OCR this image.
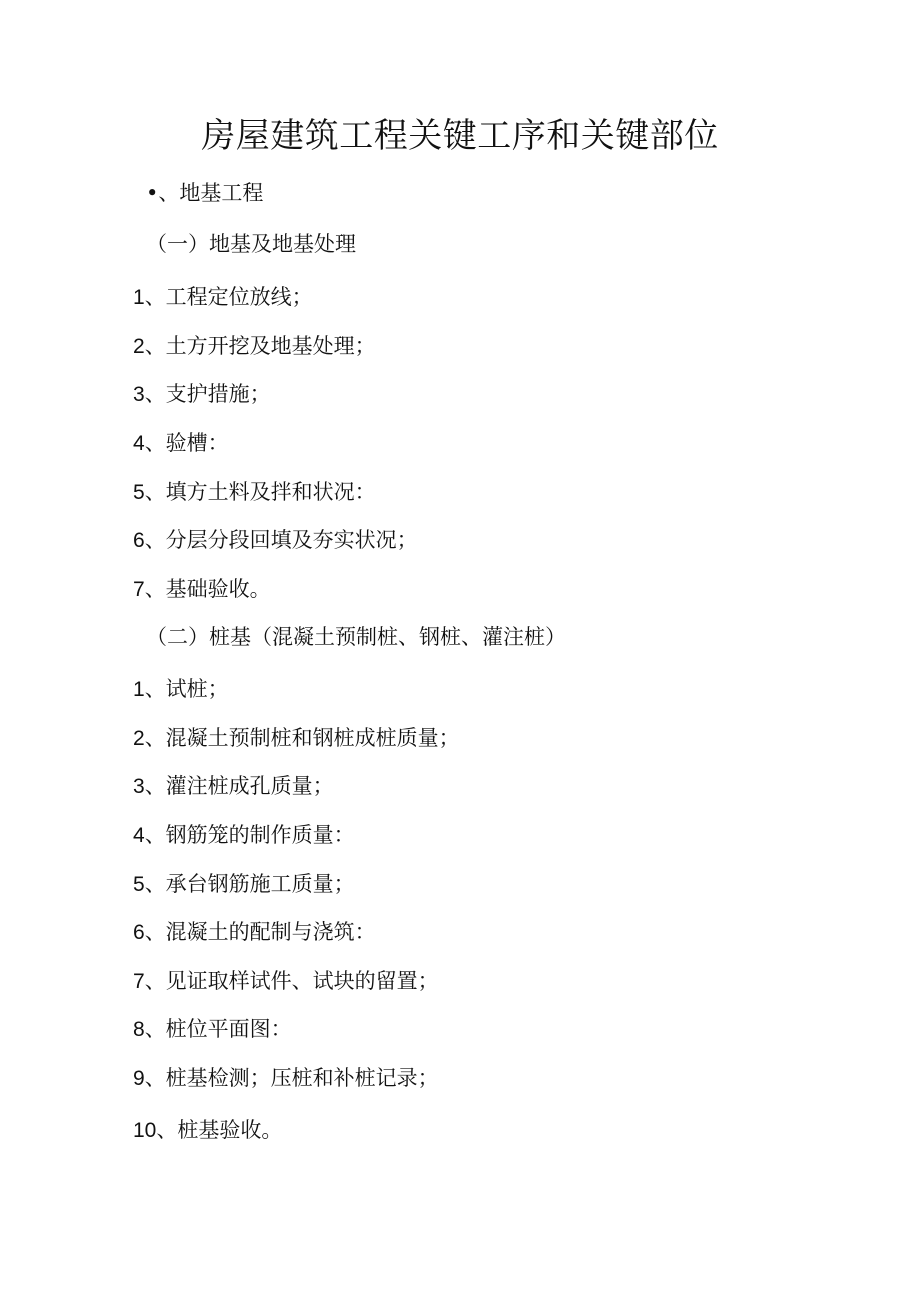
房屋建筑工程关键工序和关键部位
•、地基工程
（一）地基及地基处理
1、工程定位放线；
2、土方开挖及地基处理；
3、支护措施；
4、验槽：
5、填方土料及拌和状况：
6、分层分段回填及夯实状况；
7、基础验收。
（二）桩基（混凝土预制桩、钢桩、灌注桩）
1、试桩；
2、混凝土预制桩和钢桩成桩质量；
3、灌注桩成孔质量；
4、钢筋笼的制作质量：
5、承台钢筋施工质量；
6、混凝土的配制与浇筑：
7、见证取样试件、试块的留置；
8、桩位平面图：
9、桩基检测；压桩和补桩记录；
10、桩基验收。
